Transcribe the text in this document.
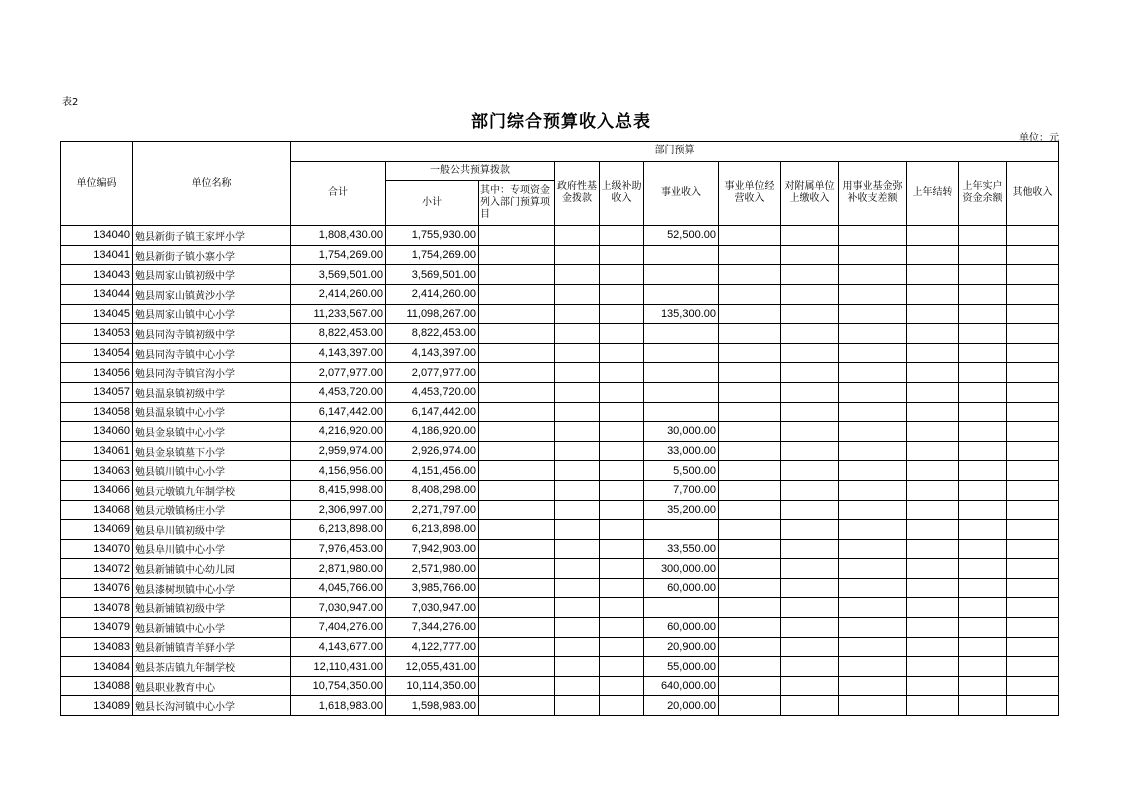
表2
部门综合预算收入总表
单位：元
单位编码	单位名称	部门预算											
		合计	一般公共预算拨款		政府性基金拨款	上级补助收入	事业收入	事业单位经营收入	对附属单位上缴收入	用事业基金弥补收支差额	上年结转	上年实户资金余额	其他收入
			小计	其中：专项资金列入部门预算项目									
134040	勉县新街子镇王家坪小学	1,808,430.00	1,755,930.00				52,500.00						
134041	勉县新街子镇小寨小学	1,754,269.00	1,754,269.00										
134043	勉县周家山镇初级中学	3,569,501.00	3,569,501.00										
134044	勉县周家山镇黄沙小学	2,414,260.00	2,414,260.00										
134045	勉县周家山镇中心小学	11,233,567.00	11,098,267.00				135,300.00						
134053	勉县同沟寺镇初级中学	8,822,453.00	8,822,453.00										
134054	勉县同沟寺镇中心小学	4,143,397.00	4,143,397.00										
134056	勉县同沟寺镇官沟小学	2,077,977.00	2,077,977.00										
134057	勉县温泉镇初级中学	4,453,720.00	4,453,720.00										
134058	勉县温泉镇中心小学	6,147,442.00	6,147,442.00										
134060	勉县金泉镇中心小学	4,216,920.00	4,186,920.00				30,000.00						
134061	勉县金泉镇墓下小学	2,959,974.00	2,926,974.00				33,000.00						
134063	勉县镇川镇中心小学	4,156,956.00	4,151,456.00				5,500.00						
134066	勉县元墩镇九年制学校	8,415,998.00	8,408,298.00				7,700.00						
134068	勉县元墩镇杨庄小学	2,306,997.00	2,271,797.00				35,200.00						
134069	勉县阜川镇初级中学	6,213,898.00	6,213,898.00										
134070	勉县阜川镇中心小学	7,976,453.00	7,942,903.00				33,550.00						
134072	勉县新铺镇中心幼儿园	2,871,980.00	2,571,980.00				300,000.00						
134076	勉县漆树坝镇中心小学	4,045,766.00	3,985,766.00				60,000.00						
134078	勉县新铺镇初级中学	7,030,947.00	7,030,947.00										
134079	勉县新铺镇中心小学	7,404,276.00	7,344,276.00				60,000.00						
134083	勉县新铺镇青羊驿小学	4,143,677.00	4,122,777.00				20,900.00						
134084	勉县茶店镇九年制学校	12,110,431.00	12,055,431.00				55,000.00						
134088	勉县职业教育中心	10,754,350.00	10,114,350.00				640,000.00						
134089	勉县长沟河镇中心小学	1,618,983.00	1,598,983.00				20,000.00						
